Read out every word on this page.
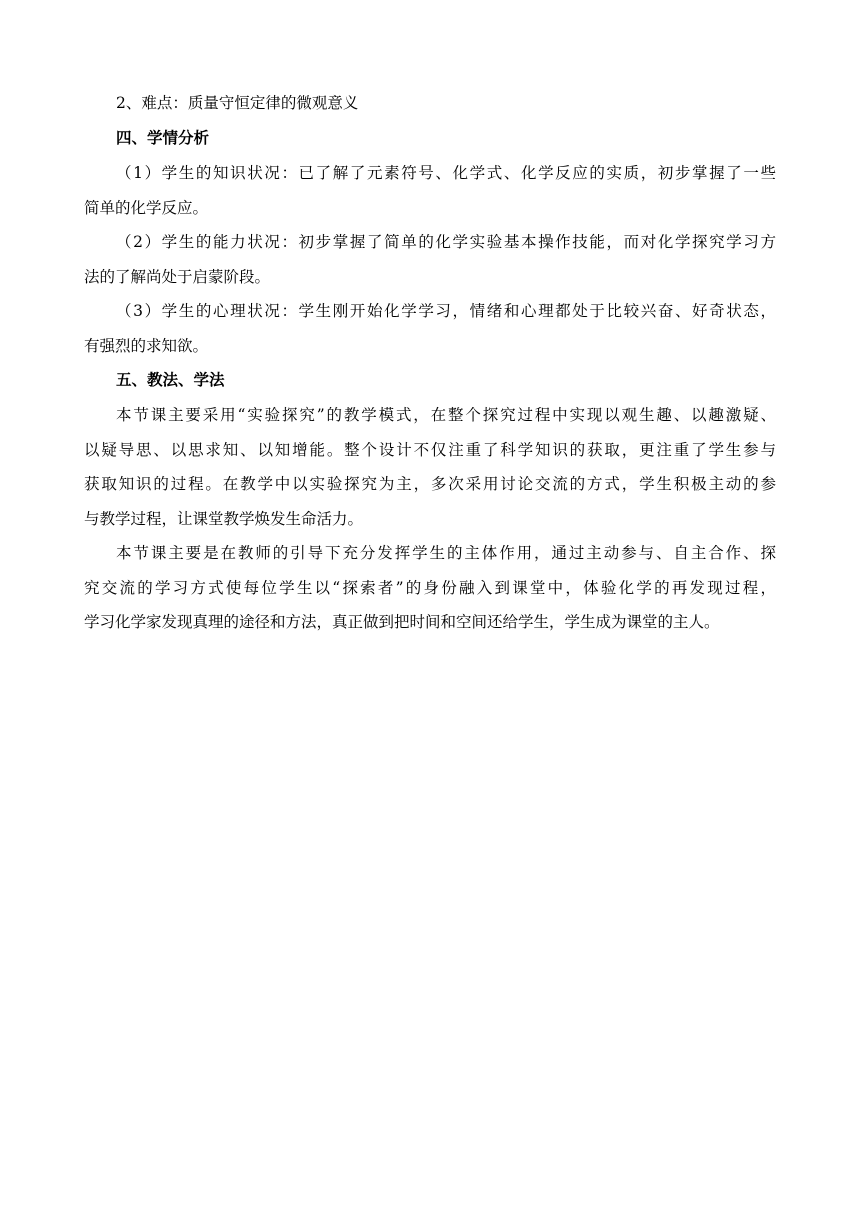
2、难点：质量守恒定律的微观意义
四、学情分析
（1）学生的知识状况：已了解了元素符号、化学式、化学反应的实质，初步掌握了一些
简单的化学反应。
（2）学生的能力状况：初步掌握了简单的化学实验基本操作技能，而对化学探究学习方
法的了解尚处于启蒙阶段。
（3）学生的心理状况：学生刚开始化学学习，情绪和心理都处于比较兴奋、好奇状态，
有强烈的求知欲。
五、教法、学法
本节课主要采用“实验探究”的教学模式，在整个探究过程中实现以观生趣、以趣激疑、
以疑导思、以思求知、以知增能。整个设计不仅注重了科学知识的获取，更注重了学生参与
获取知识的过程。在教学中以实验探究为主，多次采用讨论交流的方式，学生积极主动的参
与教学过程，让课堂教学焕发生命活力。
本节课主要是在教师的引导下充分发挥学生的主体作用，通过主动参与、自主合作、探
究交流的学习方式使每位学生以“探索者”的身份融入到课堂中，体验化学的再发现过程，
学习化学家发现真理的途径和方法，真正做到把时间和空间还给学生，学生成为课堂的主人。
